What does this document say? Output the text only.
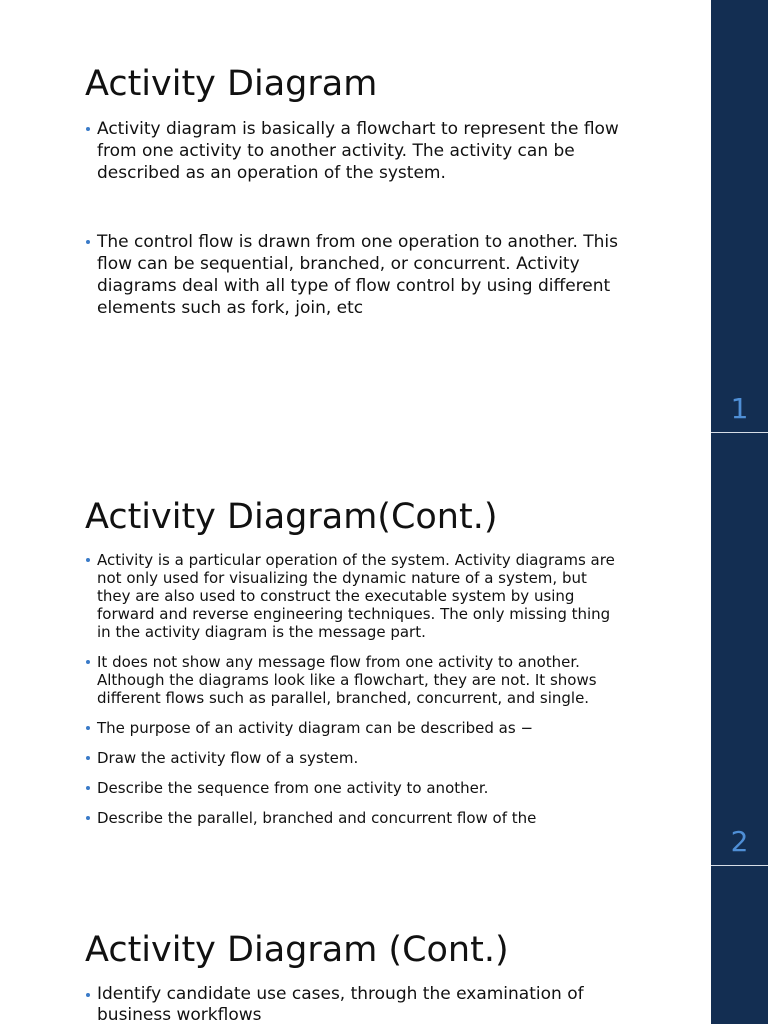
Activity Diagram
Activity diagram is basically a flowchart to represent the flow from one activity to another activity. The activity can be described as an operation of the system.
The control flow is drawn from one operation to another. This flow can be sequential, branched, or concurrent. Activity diagrams deal with all type of flow control by using different elements such as fork, join, etc
1
Activity Diagram(Cont.)
Activity is a particular operation of the system. Activity diagrams are not only used for visualizing the dynamic nature of a system, but they are also used to construct the executable system by using forward and reverse engineering techniques. The only missing thing in the activity diagram is the message part.
It does not show any message flow from one activity to another. Although the diagrams look like a flowchart, they are not. It shows different flows such as parallel, branched, concurrent, and single.
The purpose of an activity diagram can be described as −
Draw the activity flow of a system.
Describe the sequence from one activity to another.
Describe the parallel, branched and concurrent flow of the
2
Activity Diagram (Cont.)
Identify candidate use cases, through the examination of business workflows
